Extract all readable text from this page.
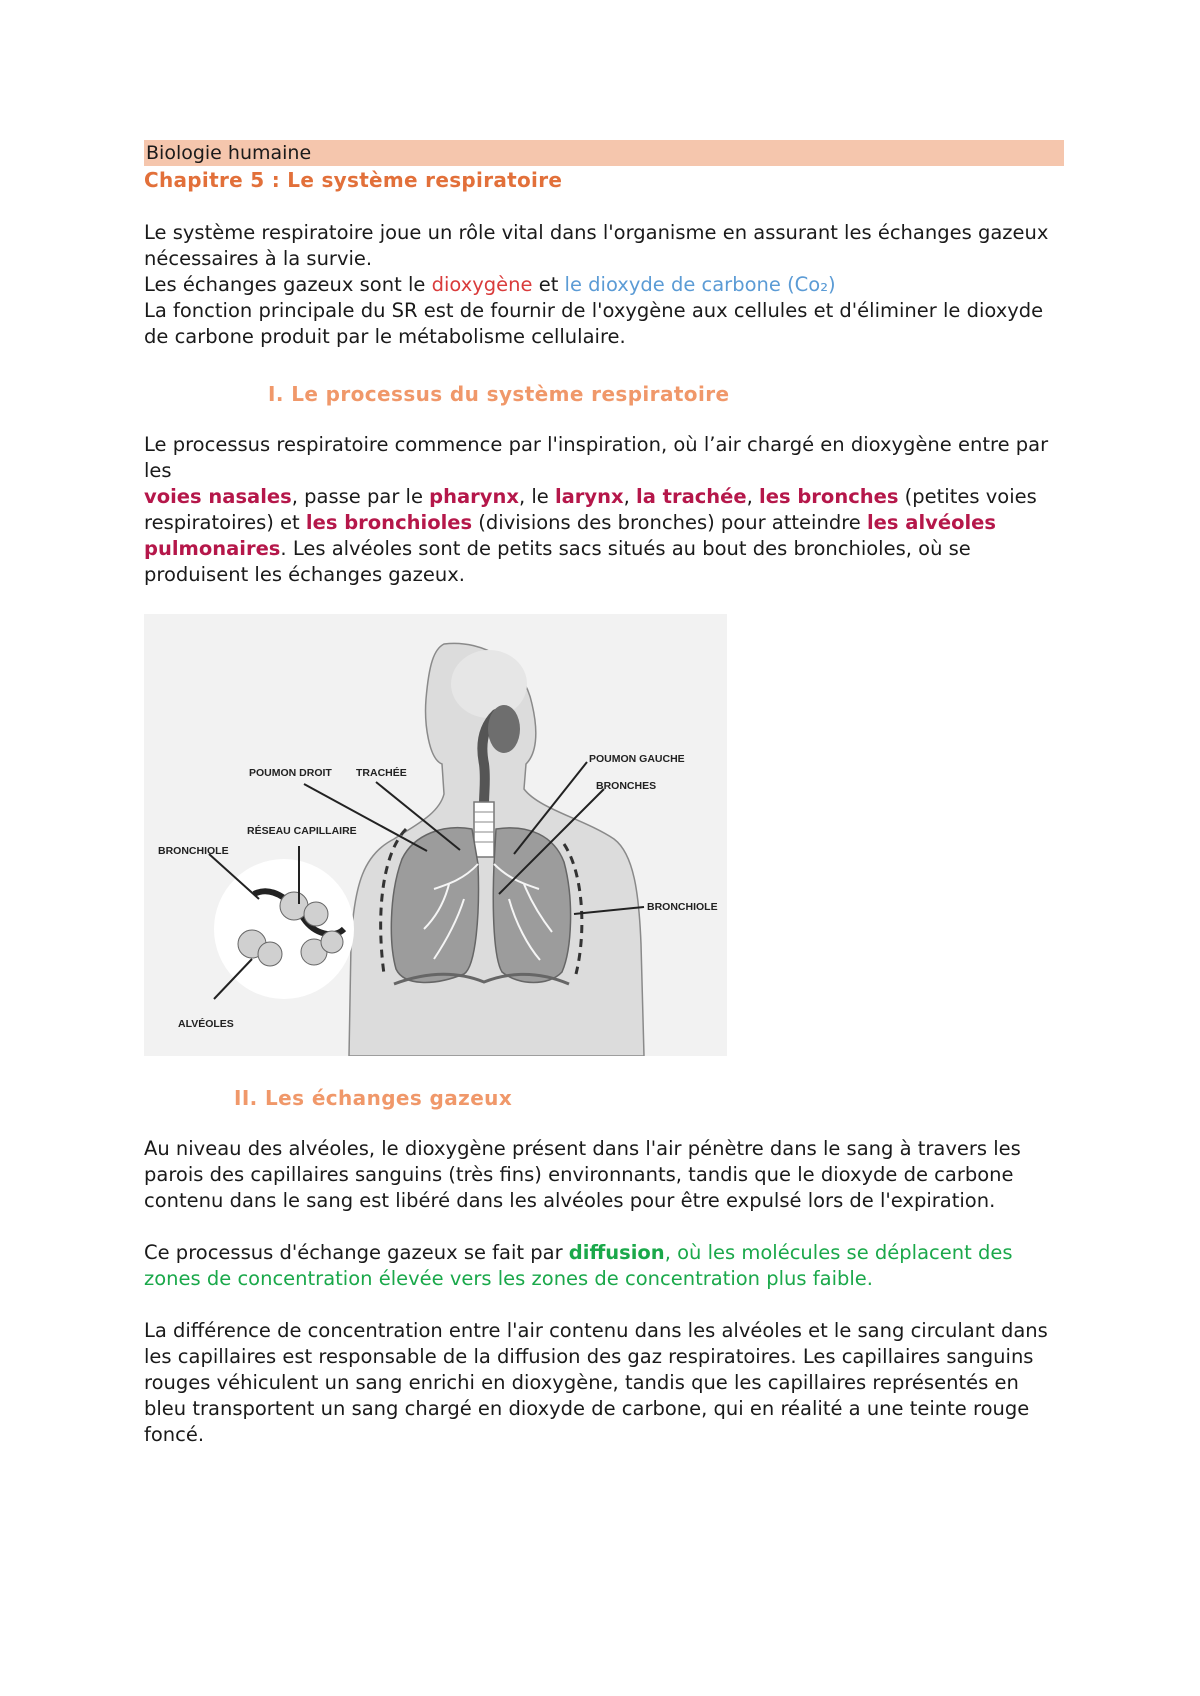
Biologie humaine

Chapitre 5 : Le système respiratoire

Le système respiratoire joue un rôle vital dans l'organisme en assurant les échanges gazeux

nécessaires à la survie.

Les échanges gazeux sont le dioxygène et le dioxyde de carbone (Co₂)

La fonction principale du SR est de fournir de l'oxygène aux cellules et d'éliminer le dioxyde de carbone produit par le métabolisme cellulaire.

I. Le processus du système respiratoire

Le processus respiratoire commence par l'inspiration, où l’air chargé en dioxygène entre par les

voies nasales, passe par le pharynx, le larynx, la trachée, les bronches (petites voies respiratoires) et les bronchioles (divisions des bronches) pour atteindre les alvéoles pulmonaires. Les alvéoles sont de petits sacs situés au bout des bronchioles, où se produisent les échanges gazeux.

POUMON DROIT TRACHÉE
POUMON GAUCHE
BRONCHES
RÉSEAU CAPILLAIRE
BRONCHIOLE
BRONCHIOLE
ALVÉOLES

II. Les échanges gazeux

Au niveau des alvéoles, le dioxygène présent dans l'air pénètre dans le sang à travers les parois des capillaires sanguins (très fins) environnants, tandis que le dioxyde de carbone contenu dans le sang est libéré dans les alvéoles pour être expulsé lors de l'expiration.

Ce processus d'échange gazeux se fait par diffusion, où les molécules se déplacent des zones de concentration élevée vers les zones de concentration plus faible.

La différence de concentration entre l'air contenu dans les alvéoles et le sang circulant dans les capillaires est responsable de la diffusion des gaz respiratoires. Les capillaires sanguins rouges véhiculent un sang enrichi en dioxygène, tandis que les capillaires représentés en bleu transportent un sang chargé en dioxyde de carbone, qui en réalité a une teinte rouge foncé.
